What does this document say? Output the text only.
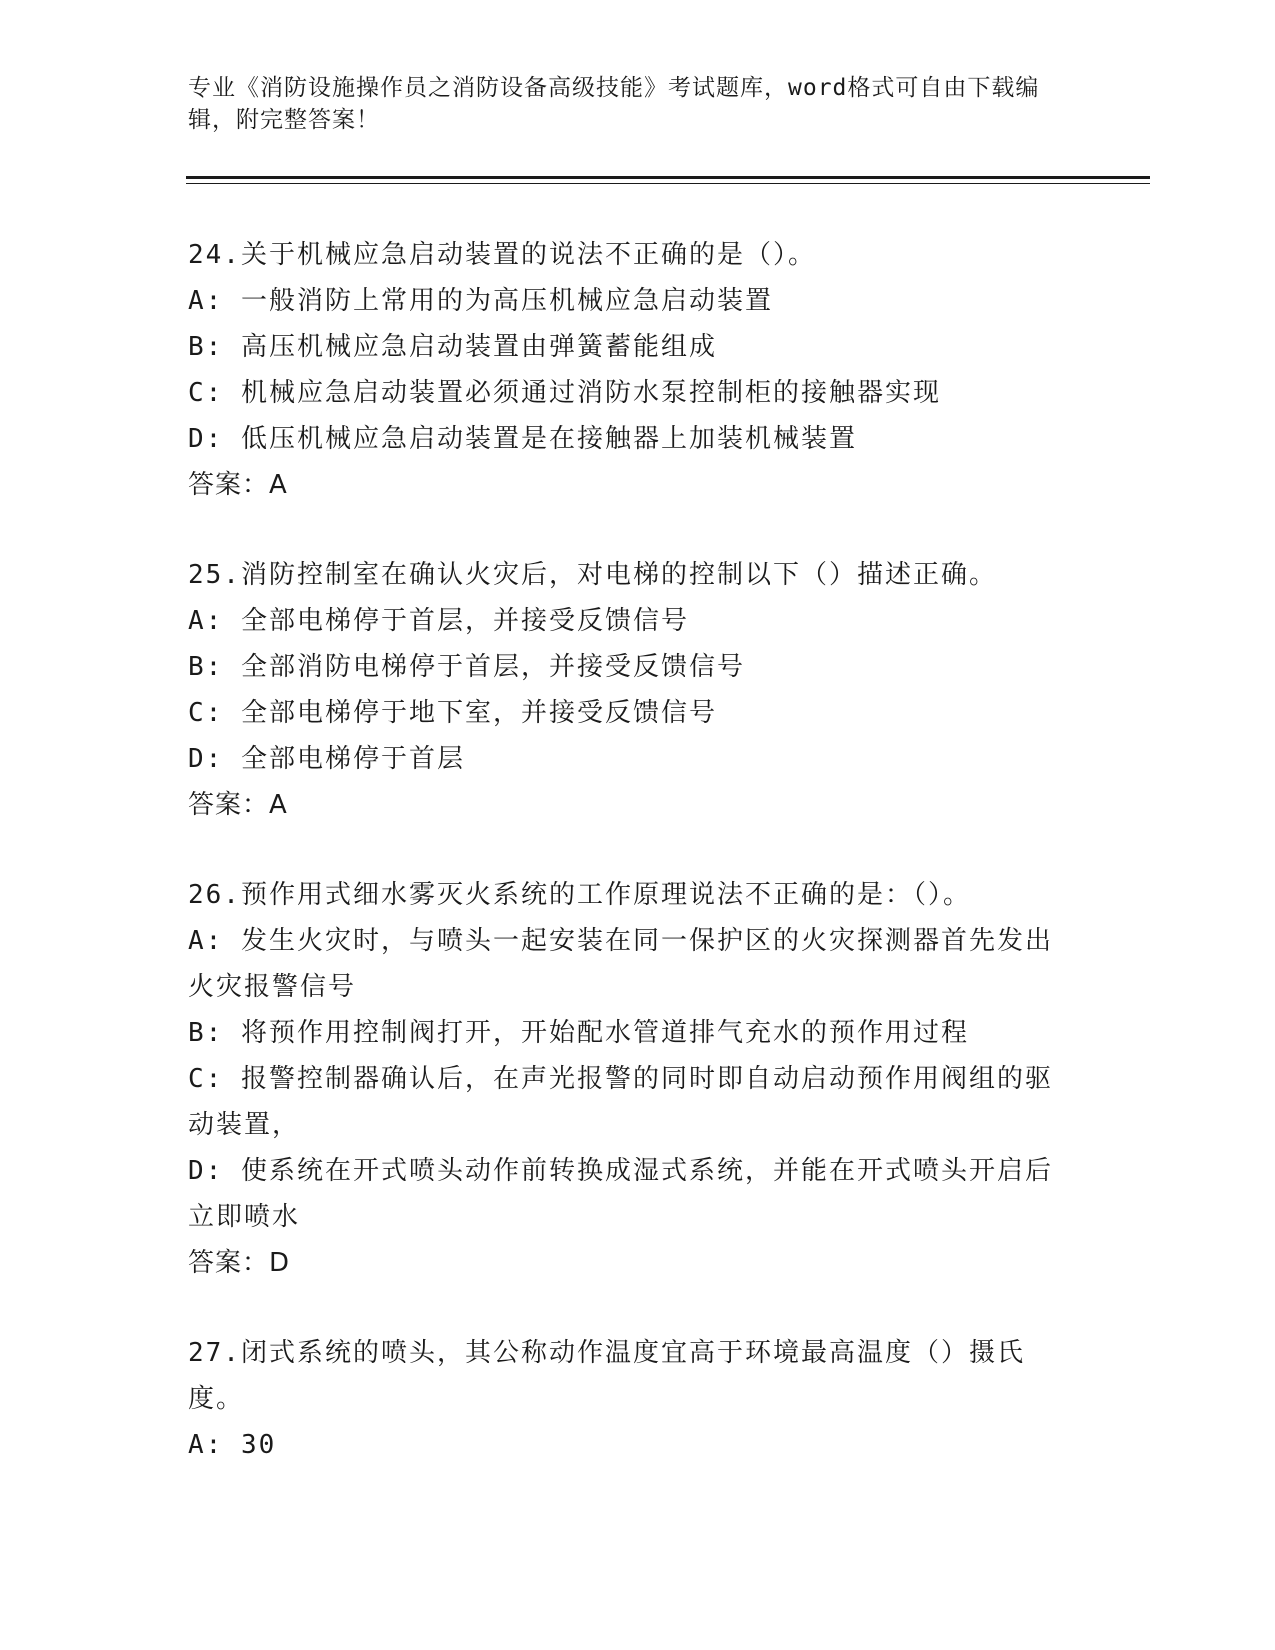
专业《消防设施操作员之消防设备高级技能》考试题库，word格式可自由下载编辑，附完整答案！
24.关于机械应急启动装置的说法不正确的是（）。
A: 一般消防上常用的为高压机械应急启动装置
B: 高压机械应急启动装置由弹簧蓄能组成
C: 机械应急启动装置必须通过消防水泵控制柜的接触器实现
D: 低压机械应急启动装置是在接触器上加装机械装置
答案：A
25.消防控制室在确认火灾后，对电梯的控制以下（）描述正确。
A: 全部电梯停于首层，并接受反馈信号
B: 全部消防电梯停于首层，并接受反馈信号
C: 全部电梯停于地下室，并接受反馈信号
D: 全部电梯停于首层
答案：A
26.预作用式细水雾灭火系统的工作原理说法不正确的是：（）。
A: 发生火灾时，与喷头一起安装在同一保护区的火灾探测器首先发出火灾报警信号
B: 将预作用控制阀打开，开始配水管道排气充水的预作用过程
C: 报警控制器确认后，在声光报警的同时即自动启动预作用阀组的驱动装置，
D: 使系统在开式喷头动作前转换成湿式系统，并能在开式喷头开启后立即喷水
答案：D
27.闭式系统的喷头，其公称动作温度宜高于环境最高温度（）摄氏度。
A: 30
